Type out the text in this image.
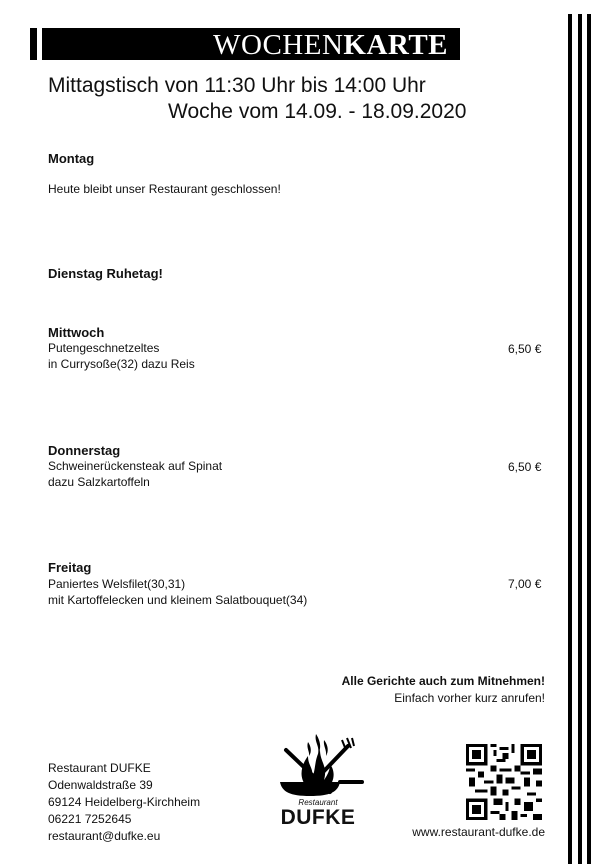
WOCHENKARTE
Mittagstisch von 11:30 Uhr bis 14:00 Uhr
Woche vom 14.09. - 18.09.2020
Montag
Heute bleibt unser Restaurant geschlossen!
Dienstag Ruhetag!
Mittwoch
Putengeschnetzeltes
in Currysoße(32) dazu Reis
6,50 €
Donnerstag
Schweinerückensteak auf Spinat
dazu Salzkartoffeln
6,50 €
Freitag
Paniertes Welsfilet(30,31)
mit Kartoffelecken und kleinem Salatbouquet(34)
7,00 €
Alle Gerichte auch zum Mitnehmen!
Einfach vorher kurz anrufen!
Restaurant DUFKE
Odenwaldstraße 39
69124 Heidelberg-Kirchheim
06221 7252645
restaurant@dufke.eu
Restaurant
DUFKE
www.restaurant-dufke.de
